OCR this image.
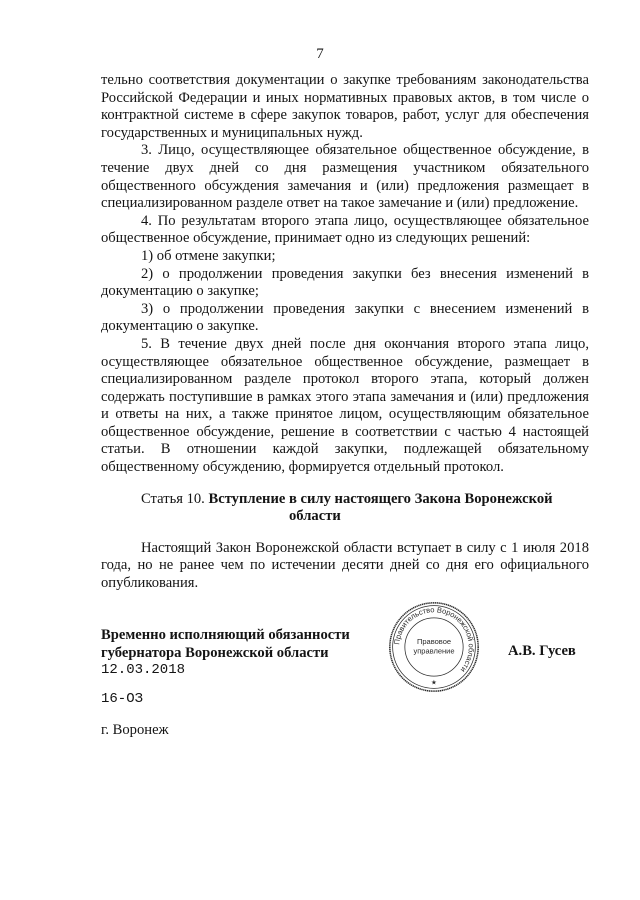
7

тельно соответствия документации о закупке требованиям законодательства Российской Федерации и иных нормативных правовых актов, в том числе о контрактной системе в сфере закупок товаров, работ, услуг для обеспечения государственных и муниципальных нужд.

3. Лицо, осуществляющее обязательное общественное обсуждение, в течение двух дней со дня размещения участником обязательного общественного обсуждения замечания и (или) предложения размещает в специализированном разделе ответ на такое замечание и (или) предложение.

4. По результатам второго этапа лицо, осуществляющее обязательное общественное обсуждение, принимает одно из следующих решений:

1) об отмене закупки;

2) о продолжении проведения закупки без внесения изменений в документацию о закупке;

3) о продолжении проведения закупки с внесением изменений в документацию о закупке.

5. В течение двух дней после дня окончания второго этапа лицо, осуществляющее обязательное общественное обсуждение, размещает в специализированном разделе протокол второго этапа, который должен содержать поступившие в рамках этого этапа замечания и (или) предложения и ответы на них, а также принятое лицом, осуществляющим обязательное общественное обсуждение, решение в соответствии с частью 4 настоящей статьи. В отношении каждой закупки, подлежащей обязательному общественному обсуждению, формируется отдельный протокол.

Статья 10. Вступление в силу настоящего Закона Воронежской
области

Настоящий Закон Воронежской области вступает в силу с 1 июля 2018 года, но не ранее чем по истечении десяти дней со дня его официального опубликования.

Временно исполняющий обязанности
губернатора Воронежской области
12.03.2018
16-ОЗ
г. Воронеж
Правительство Воронежской области
Правовое
управление
★
А.В. Гусев
